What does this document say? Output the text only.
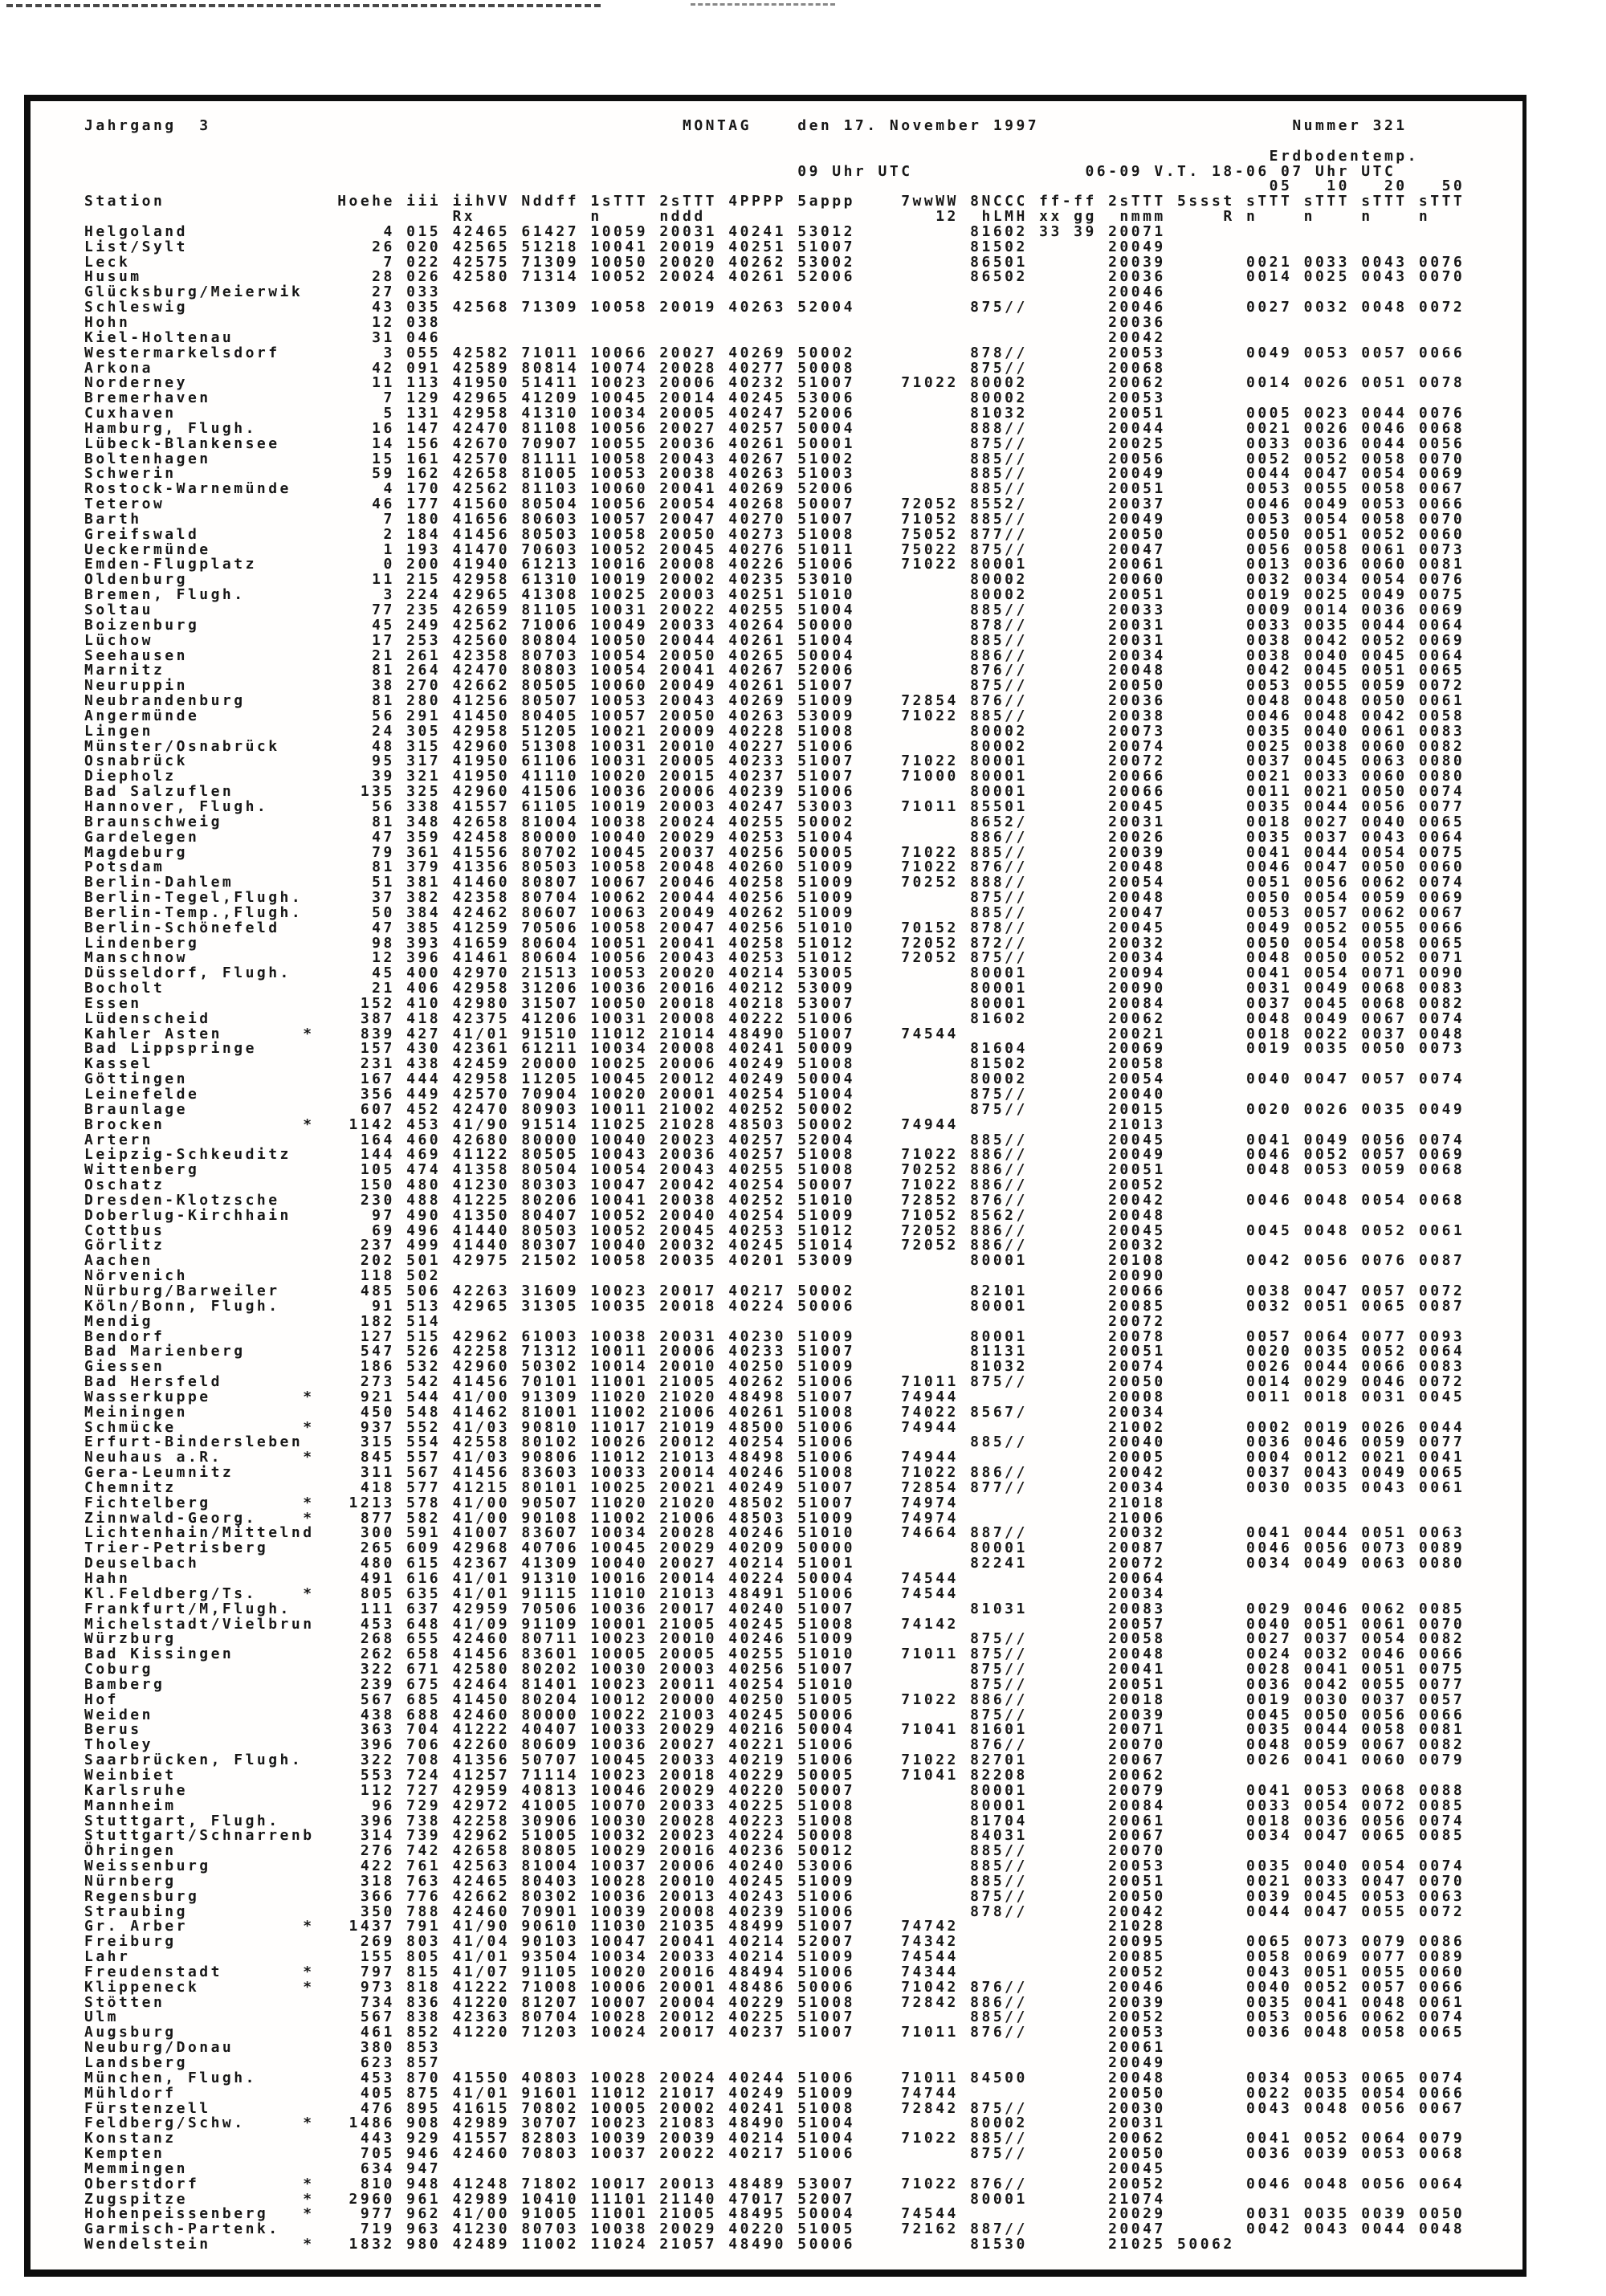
Jahrgang  3                                         MONTAG    den 17. November 1997                      Nummer 321

Erdbodentemp.
09 Uhr UTC               06-09 V.T. 18-06 07 Uhr UTC
05   10   20   50
Station               Hoehe iii iihVV Nddff 1sTTT 2sTTT 4PPPP 5appp    7wwWW 8NCCC ff-ff 2sTTT 5ssst sTTT sTTT sTTT sTTT
Rx          n     nddd                    12  hLMH xx gg  nmmm     R n    n    n    n
Helgoland                 4 015 42465 61427 10059 20031 40241 53012          81602 33 39 20071
List/Sylt                26 020 42565 51218 10041 20019 40251 51007          81502       20049
Leck                      7 022 42575 71309 10050 20020 40262 53002          86501       20039       0021 0033 0043 0076
Husum                    28 026 42580 71314 10052 20024 40261 52006          86502       20036       0014 0025 0043 0070
Glücksburg/Meierwik      27 033                                                          20046
Schleswig                43 035 42568 71309 10058 20019 40263 52004          875//       20046       0027 0032 0048 0072
Hohn                     12 038                                                          20036
Kiel-Holtenau            31 046                                                          20042
Westermarkelsdorf         3 055 42582 71011 10066 20027 40269 50002          878//       20053       0049 0053 0057 0066
Arkona                   42 091 42589 80814 10074 20028 40277 50008          875//       20068
Norderney                11 113 41950 51411 10023 20006 40232 51007    71022 80002       20062       0014 0026 0051 0078
Bremerhaven               7 129 42965 41209 10045 20014 40245 53006          80002       20053
Cuxhaven                  5 131 42958 41310 10034 20005 40247 52006          81032       20051       0005 0023 0044 0076
Hamburg, Flugh.          16 147 42470 81108 10056 20027 40257 50004          888//       20044       0021 0026 0046 0068
Lübeck-Blankensee        14 156 42670 70907 10055 20036 40261 50001          875//       20025       0033 0036 0044 0056
Boltenhagen              15 161 42570 81111 10058 20043 40267 51002          885//       20056       0052 0052 0058 0070
Schwerin                 59 162 42658 81005 10053 20038 40263 51003          885//       20049       0044 0047 0054 0069
Rostock-Warnemünde        4 170 42562 81103 10060 20041 40269 52006          885//       20051       0053 0055 0058 0067
Teterow                  46 177 41560 80504 10056 20054 40268 50007    72052 8552/       20037       0046 0049 0053 0066
Barth                     7 180 41656 80603 10057 20047 40270 51007    71052 885//       20049       0053 0054 0058 0070
Greifswald                2 184 41456 80503 10058 20050 40273 51008    75052 877//       20050       0050 0051 0052 0060
Ueckermünde               1 193 41470 70603 10052 20045 40276 51011    75022 875//       20047       0056 0058 0061 0073
Emden-Flugplatz           0 200 41940 61213 10016 20008 40226 51006    71022 80001       20061       0013 0036 0060 0081
Oldenburg                11 215 42958 61310 10019 20002 40235 53010          80002       20060       0032 0034 0054 0076
Bremen, Flugh.            3 224 42965 41308 10025 20003 40251 51010          80002       20051       0019 0025 0049 0075
Soltau                   77 235 42659 81105 10031 20022 40255 51004          885//       20033       0009 0014 0036 0069
Boizenburg               45 249 42562 71006 10049 20033 40264 50000          878//       20031       0033 0035 0044 0064
Lüchow                   17 253 42560 80804 10050 20044 40261 51004          885//       20031       0038 0042 0052 0069
Seehausen                21 261 42358 80703 10054 20050 40265 50004          886//       20034       0038 0040 0045 0064
Marnitz                  81 264 42470 80803 10054 20041 40267 52006          876//       20048       0042 0045 0051 0065
Neuruppin                38 270 42662 80505 10060 20049 40261 51007          875//       20050       0053 0055 0059 0072
Neubrandenburg           81 280 41256 80507 10053 20043 40269 51009    72854 876//       20036       0048 0048 0050 0061
Angermünde               56 291 41450 80405 10057 20050 40263 53009    71022 885//       20038       0046 0048 0042 0058
Lingen                   24 305 42958 51205 10021 20009 40228 51008          80002       20073       0035 0040 0061 0083
Münster/Osnabrück        48 315 42960 51308 10031 20010 40227 51006          80002       20074       0025 0038 0060 0082
Osnabrück                95 317 41950 61106 10031 20005 40233 51007    71022 80001       20072       0037 0045 0063 0080
Diepholz                 39 321 41950 41110 10020 20015 40237 51007    71000 80001       20066       0021 0033 0060 0080
Bad Salzuflen           135 325 42960 41506 10036 20006 40239 51006          80001       20066       0011 0021 0050 0074
Hannover, Flugh.         56 338 41557 61105 10019 20003 40247 53003    71011 85501       20045       0035 0044 0056 0077
Braunschweig             81 348 42658 81004 10038 20024 40255 50002          8652/       20031       0018 0027 0040 0065
Gardelegen               47 359 42458 80000 10040 20029 40253 51004          886//       20026       0035 0037 0043 0064
Magdeburg                79 361 41556 80702 10045 20037 40256 50005    71022 885//       20039       0041 0044 0054 0075
Potsdam                  81 379 41356 80503 10058 20048 40260 51009    71022 876//       20048       0046 0047 0050 0060
Berlin-Dahlem            51 381 41460 80807 10067 20046 40258 51009    70252 888//       20054       0051 0056 0062 0074
Berlin-Tegel,Flugh.      37 382 42358 80704 10062 20044 40256 51009          875//       20048       0050 0054 0059 0069
Berlin-Temp.,Flugh.      50 384 42462 80607 10063 20049 40262 51009          885//       20047       0053 0057 0062 0067
Berlin-Schönefeld        47 385 41259 70506 10058 20047 40256 51010    70152 878//       20045       0049 0052 0055 0066
Lindenberg               98 393 41659 80604 10051 20041 40258 51012    72052 872//       20032       0050 0054 0058 0065
Manschnow                12 396 41461 80604 10056 20043 40253 51012    72052 875//       20034       0048 0050 0052 0071
Düsseldorf, Flugh.       45 400 42970 21513 10053 20020 40214 53005          80001       20094       0041 0054 0071 0090
Bocholt                  21 406 42958 31206 10036 20016 40212 53009          80001       20090       0031 0049 0068 0083
Essen                   152 410 42980 31507 10050 20018 40218 53007          80001       20084       0037 0045 0068 0082
Lüdenscheid             387 418 42375 41206 10031 20008 40222 51006          81602       20062       0048 0049 0067 0074
Kahler Asten       *    839 427 41/01 91510 11012 21014 48490 51007    74544             20021       0018 0022 0037 0048
Bad Lippspringe         157 430 42361 61211 10034 20008 40241 50009          81604       20069       0019 0035 0050 0073
Kassel                  231 438 42459 20000 10025 20006 40249 51008          81502       20058
Göttingen               167 444 42958 11205 10045 20012 40249 50004          80002       20054       0040 0047 0057 0074
Leinefelde              356 449 42570 70904 10020 20001 40254 51004          875//       20040
Braunlage               607 452 42470 80903 10011 21002 40252 50002          875//       20015       0020 0026 0035 0049
Brocken            *   1142 453 41/90 91514 11025 21028 48503 50002    74944             21013
Artern                  164 460 42680 80000 10040 20023 40257 52004          885//       20045       0041 0049 0056 0074
Leipzig-Schkeuditz      144 469 41122 80505 10043 20036 40257 51008    71022 886//       20049       0046 0052 0057 0069
Wittenberg              105 474 41358 80504 10054 20043 40255 51008    70252 886//       20051       0048 0053 0059 0068
Oschatz                 150 480 41230 80303 10047 20042 40254 50007    71022 886//       20052
Dresden-Klotzsche       230 488 41225 80206 10041 20038 40252 51010    72852 876//       20042       0046 0048 0054 0068
Doberlug-Kirchhain       97 490 41350 80407 10052 20040 40254 51009    71052 8562/       20048
Cottbus                  69 496 41440 80503 10052 20045 40253 51012    72052 886//       20045       0045 0048 0052 0061
Görlitz                 237 499 41440 80307 10040 20032 40245 51014    72052 886//       20032
Aachen                  202 501 42975 21502 10058 20035 40201 53009          80001       20108       0042 0056 0076 0087
Nörvenich               118 502                                                          20090
Nürburg/Barweiler       485 506 42263 31609 10023 20017 40217 50002          82101       20066       0038 0047 0057 0072
Köln/Bonn, Flugh.        91 513 42965 31305 10035 20018 40224 50006          80001       20085       0032 0051 0065 0087
Mendig                  182 514                                                          20072
Bendorf                 127 515 42962 61003 10038 20031 40230 51009          80001       20078       0057 0064 0077 0093
Bad Marienberg          547 526 42258 71312 10011 20006 40233 51007          81131       20051       0020 0035 0052 0064
Giessen                 186 532 42960 50302 10014 20010 40250 51009          81032       20074       0026 0044 0066 0083
Bad Hersfeld            273 542 41456 70101 11001 21005 40262 51006    71011 875//       20050       0014 0029 0046 0072
Wasserkuppe        *    921 544 41/00 91309 11020 21020 48498 51007    74944             20008       0011 0018 0031 0045
Meiningen               450 548 41462 81001 11002 21006 40261 51008    74022 8567/       20034
Schmücke           *    937 552 41/03 90810 11017 21019 48500 51006    74944             21002       0002 0019 0026 0044
Erfurt-Bindersleben     315 554 42558 80102 10026 20012 40254 51006          885//       20040       0036 0046 0059 0077
Neuhaus a.R.       *    845 557 41/03 90806 11012 21013 48498 51006    74944             20005       0004 0012 0021 0041
Gera-Leumnitz           311 567 41456 83603 10033 20014 40246 51008    71022 886//       20042       0037 0043 0049 0065
Chemnitz                418 577 41215 80101 10025 20021 40249 51007    72854 877//       20034       0030 0035 0043 0061
Fichtelberg        *   1213 578 41/00 90507 11020 21020 48502 51007    74974             21018
Zinnwald-Georg.    *    877 582 41/00 90108 11002 21006 48503 51009    74974             21006
Lichtenhain/Mittelnd    300 591 41007 83607 10034 20028 40246 51010    74664 887//       20032       0041 0044 0051 0063
Trier-Petrisberg        265 609 42968 40706 10045 20029 40209 50000          80001       20087       0046 0056 0073 0089
Deuselbach              480 615 42367 41309 10040 20027 40214 51001          82241       20072       0034 0049 0063 0080
Hahn                    491 616 41/01 91310 10016 20014 40224 50004    74544             20064
Kl.Feldberg/Ts.    *    805 635 41/01 91115 11010 21013 48491 51006    74544             20034
Frankfurt/M,Flugh.      111 637 42959 70506 10036 20017 40240 51007          81031       20083       0029 0046 0062 0085
Michelstadt/Vielbrun    453 648 41/09 91109 10001 21005 40245 51008    74142             20057       0040 0051 0061 0070
Würzburg                268 655 42460 80711 10023 20010 40246 51009          875//       20058       0027 0037 0054 0082
Bad Kissingen           262 658 41456 83601 10005 20005 40255 51010    71011 875//       20048       0024 0032 0046 0066
Coburg                  322 671 42580 80202 10030 20003 40256 51007          875//       20041       0028 0041 0051 0075
Bamberg                 239 675 42464 81401 10023 20011 40254 51010          875//       20051       0036 0042 0055 0077
Hof                     567 685 41450 80204 10012 20000 40250 51005    71022 886//       20018       0019 0030 0037 0057
Weiden                  438 688 42460 80000 10022 21003 40245 50006          875//       20039       0045 0050 0056 0066
Berus                   363 704 41222 40407 10033 20029 40216 50004    71041 81601       20071       0035 0044 0058 0081
Tholey                  396 706 42260 80609 10036 20027 40221 51006          876//       20070       0048 0059 0067 0082
Saarbrücken, Flugh.     322 708 41356 50707 10045 20033 40219 51006    71022 82701       20067       0026 0041 0060 0079
Weinbiet                553 724 41257 71114 10023 20018 40229 50005    71041 82208       20062
Karlsruhe               112 727 42959 40813 10046 20029 40220 50007          80001       20079       0041 0053 0068 0088
Mannheim                 96 729 42972 41005 10070 20033 40225 51008          80001       20084       0033 0054 0072 0085
Stuttgart, Flugh.       396 738 42258 30906 10030 20028 40223 51008          81704       20061       0018 0036 0056 0074
Stuttgart/Schnarrenb    314 739 42962 51005 10032 20023 40224 50008          84031       20067       0034 0047 0065 0085
Öhringen                276 742 42658 80805 10029 20016 40236 50012          885//       20070
Weissenburg             422 761 42563 81004 10037 20006 40240 53006          885//       20053       0035 0040 0054 0074
Nürnberg                318 763 42465 80403 10028 20010 40245 51009          885//       20051       0021 0033 0047 0070
Regensburg              366 776 42662 80302 10036 20013 40243 51006          875//       20050       0039 0045 0053 0063
Straubing               350 788 42460 70901 10039 20008 40239 51006          878//       20042       0044 0047 0055 0072
Gr. Arber          *   1437 791 41/90 90610 11030 21035 48499 51007    74742             21028
Freiburg                269 803 41/04 90103 10047 20041 40214 52007    74342             20095       0065 0073 0079 0086
Lahr                    155 805 41/01 93504 10034 20033 40214 51009    74544             20085       0058 0069 0077 0089
Freudenstadt       *    797 815 41/07 91105 10020 20016 48494 51006    74344             20052       0043 0051 0055 0060
Klippeneck         *    973 818 41222 71008 10006 20001 48486 50006    71042 876//       20046       0040 0052 0057 0066
Stötten                 734 836 41220 81207 10007 20004 40229 51008    72842 886//       20039       0035 0041 0048 0061
Ulm                     567 838 42363 80704 10028 20012 40225 51007          885//       20052       0053 0056 0062 0074
Augsburg                461 852 41220 71203 10024 20017 40237 51007    71011 876//       20053       0036 0048 0058 0065
Neuburg/Donau           380 853                                                          20061
Landsberg               623 857                                                          20049
München, Flugh.         453 870 41550 40803 10028 20024 40244 51006    71011 84500       20048       0034 0053 0065 0074
Mühldorf                405 875 41/01 91601 11012 21017 40249 51009    74744             20050       0022 0035 0054 0066
Fürstenzell             476 895 41615 70802 10005 20002 40241 51008    72842 875//       20030       0043 0048 0056 0067
Feldberg/Schw.     *   1486 908 42989 30707 10023 21083 48490 51004          80002       20031
Konstanz                443 929 41557 82803 10039 20039 40214 51004    71022 885//       20062       0041 0052 0064 0079
Kempten                 705 946 42460 70803 10037 20022 40217 51006          875//       20050       0036 0039 0053 0068
Memmingen               634 947                                                          20045
Oberstdorf         *    810 948 41248 71802 10017 20013 48489 53007    71022 876//       20052       0046 0048 0056 0064
Zugspitze          *   2960 961 42989 10410 11101 21140 47017 52007          80001       21074
Hohenpeissenberg   *    977 962 41/00 91005 11001 21005 48495 50004    74544             20029       0031 0035 0039 0050
Garmisch-Partenk.       719 963 41230 80703 10038 20029 40220 51005    72162 887//       20047       0042 0043 0044 0048
Wendelstein        *   1832 980 42489 11002 11024 21057 48490 50006          81530       21025 50062
